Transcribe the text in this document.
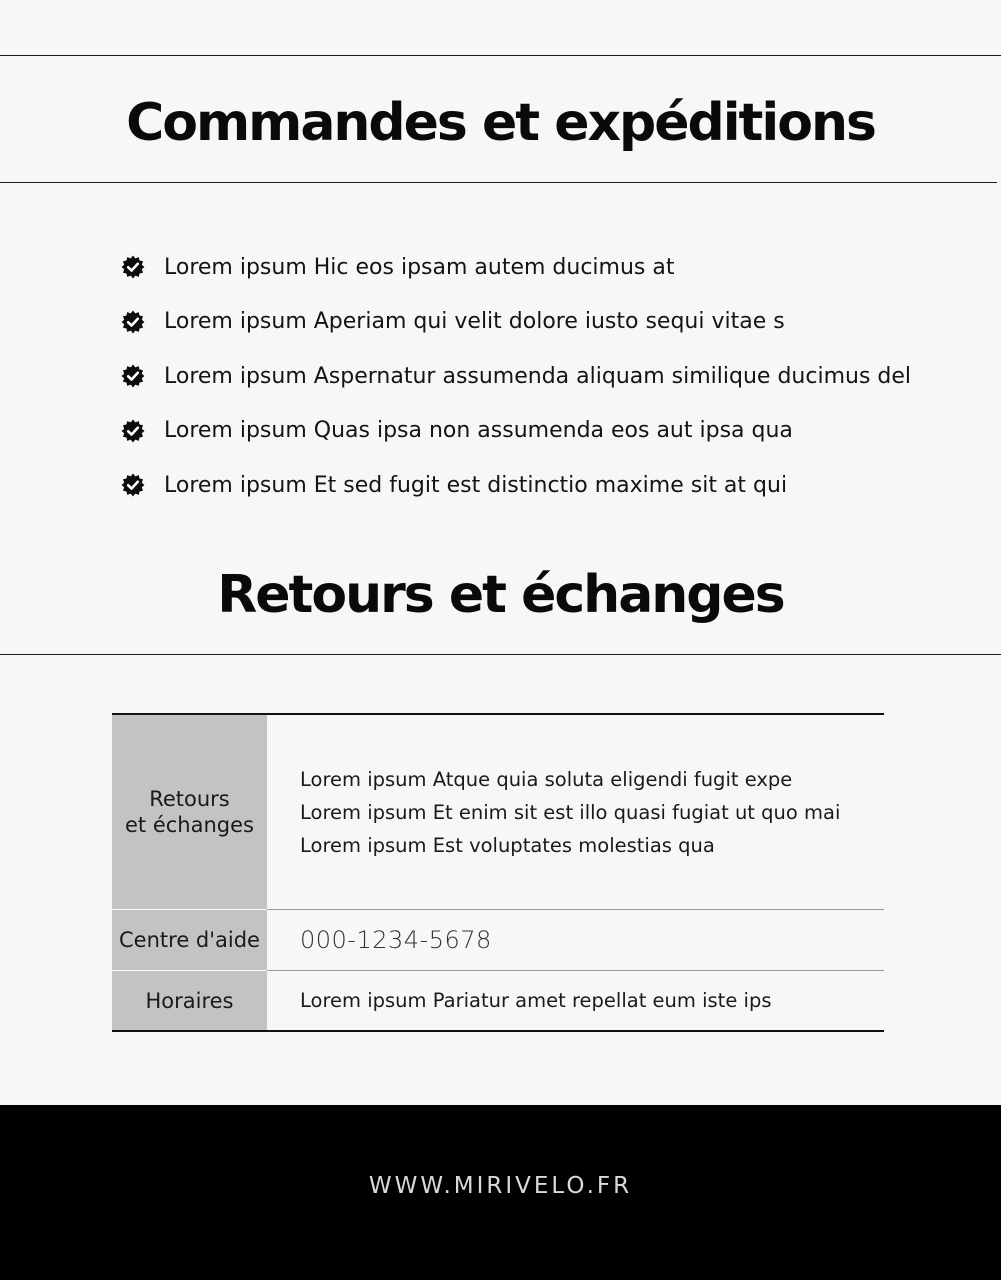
Commandes et expéditions
Lorem ipsum Hic eos ipsam autem ducimus at
Lorem ipsum Aperiam qui velit dolore iusto sequi vitae s
Lorem ipsum Aspernatur assumenda aliquam similique ducimus del
Lorem ipsum Quas ipsa non assumenda eos aut ipsa qua
Lorem ipsum Et sed fugit est distinctio maxime sit at qui
Retours et échanges
Retours
et échanges	Lorem ipsum Atque quia soluta eligendi fugit expe
Lorem ipsum Et enim sit est illo quasi fugiat ut quo mai
Lorem ipsum Est voluptates molestias qua

Centre d'aide	000-1234-5678
Horaires	Lorem ipsum Pariatur amet repellat eum iste ips
WWW.MIRIVELO.FR
